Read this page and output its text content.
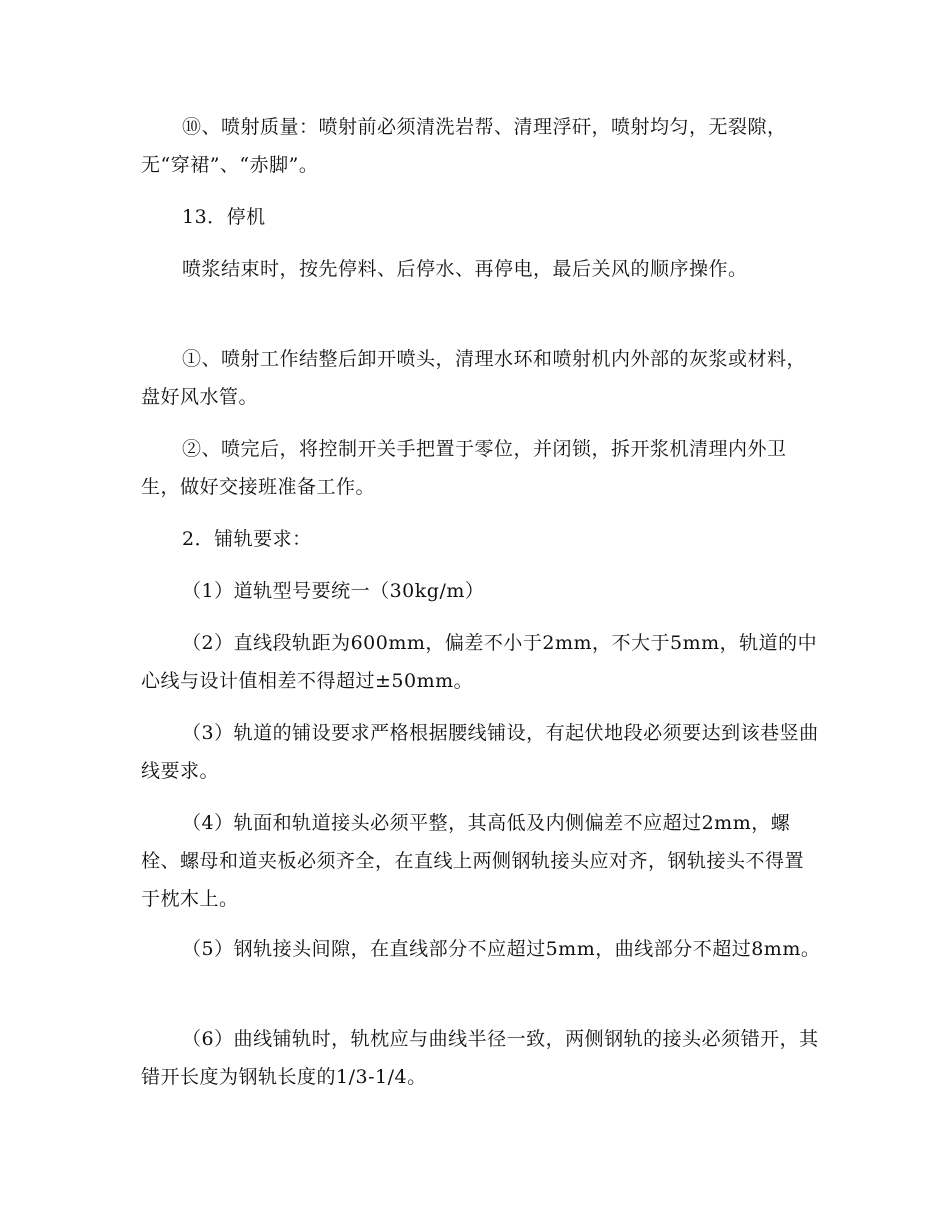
⑩、喷射质量：喷射前必须清洗岩帮、清理浮矸，喷射均匀，无裂隙，无“穿裙”、“赤脚”。

13．停机

喷浆结束时，按先停料、后停水、再停电，最后关风的顺序操作。

①、喷射工作结整后卸开喷头，清理水环和喷射机内外部的灰浆或材料，盘好风水管。

②、喷完后，将控制开关手把置于零位，并闭锁，拆开浆机清理内外卫生，做好交接班准备工作。

2．铺轨要求：

（1）道轨型号要统一（30kg/m）

（2）直线段轨距为600mm，偏差不小于2mm，不大于5mm，轨道的中心线与设计值相差不得超过±50mm。

（3）轨道的铺设要求严格根据腰线铺设，有起伏地段必须要达到该巷竖曲线要求。

（4）轨面和轨道接头必须平整，其高低及内侧偏差不应超过2mm，螺栓、螺母和道夹板必须齐全，在直线上两侧钢轨接头应对齐，钢轨接头不得置于枕木上。

（5）钢轨接头间隙，在直线部分不应超过5mm，曲线部分不超过8mm。

（6）曲线铺轨时，轨枕应与曲线半径一致，两侧钢轨的接头必须错开，其错开长度为钢轨长度的1/3-1/4。
